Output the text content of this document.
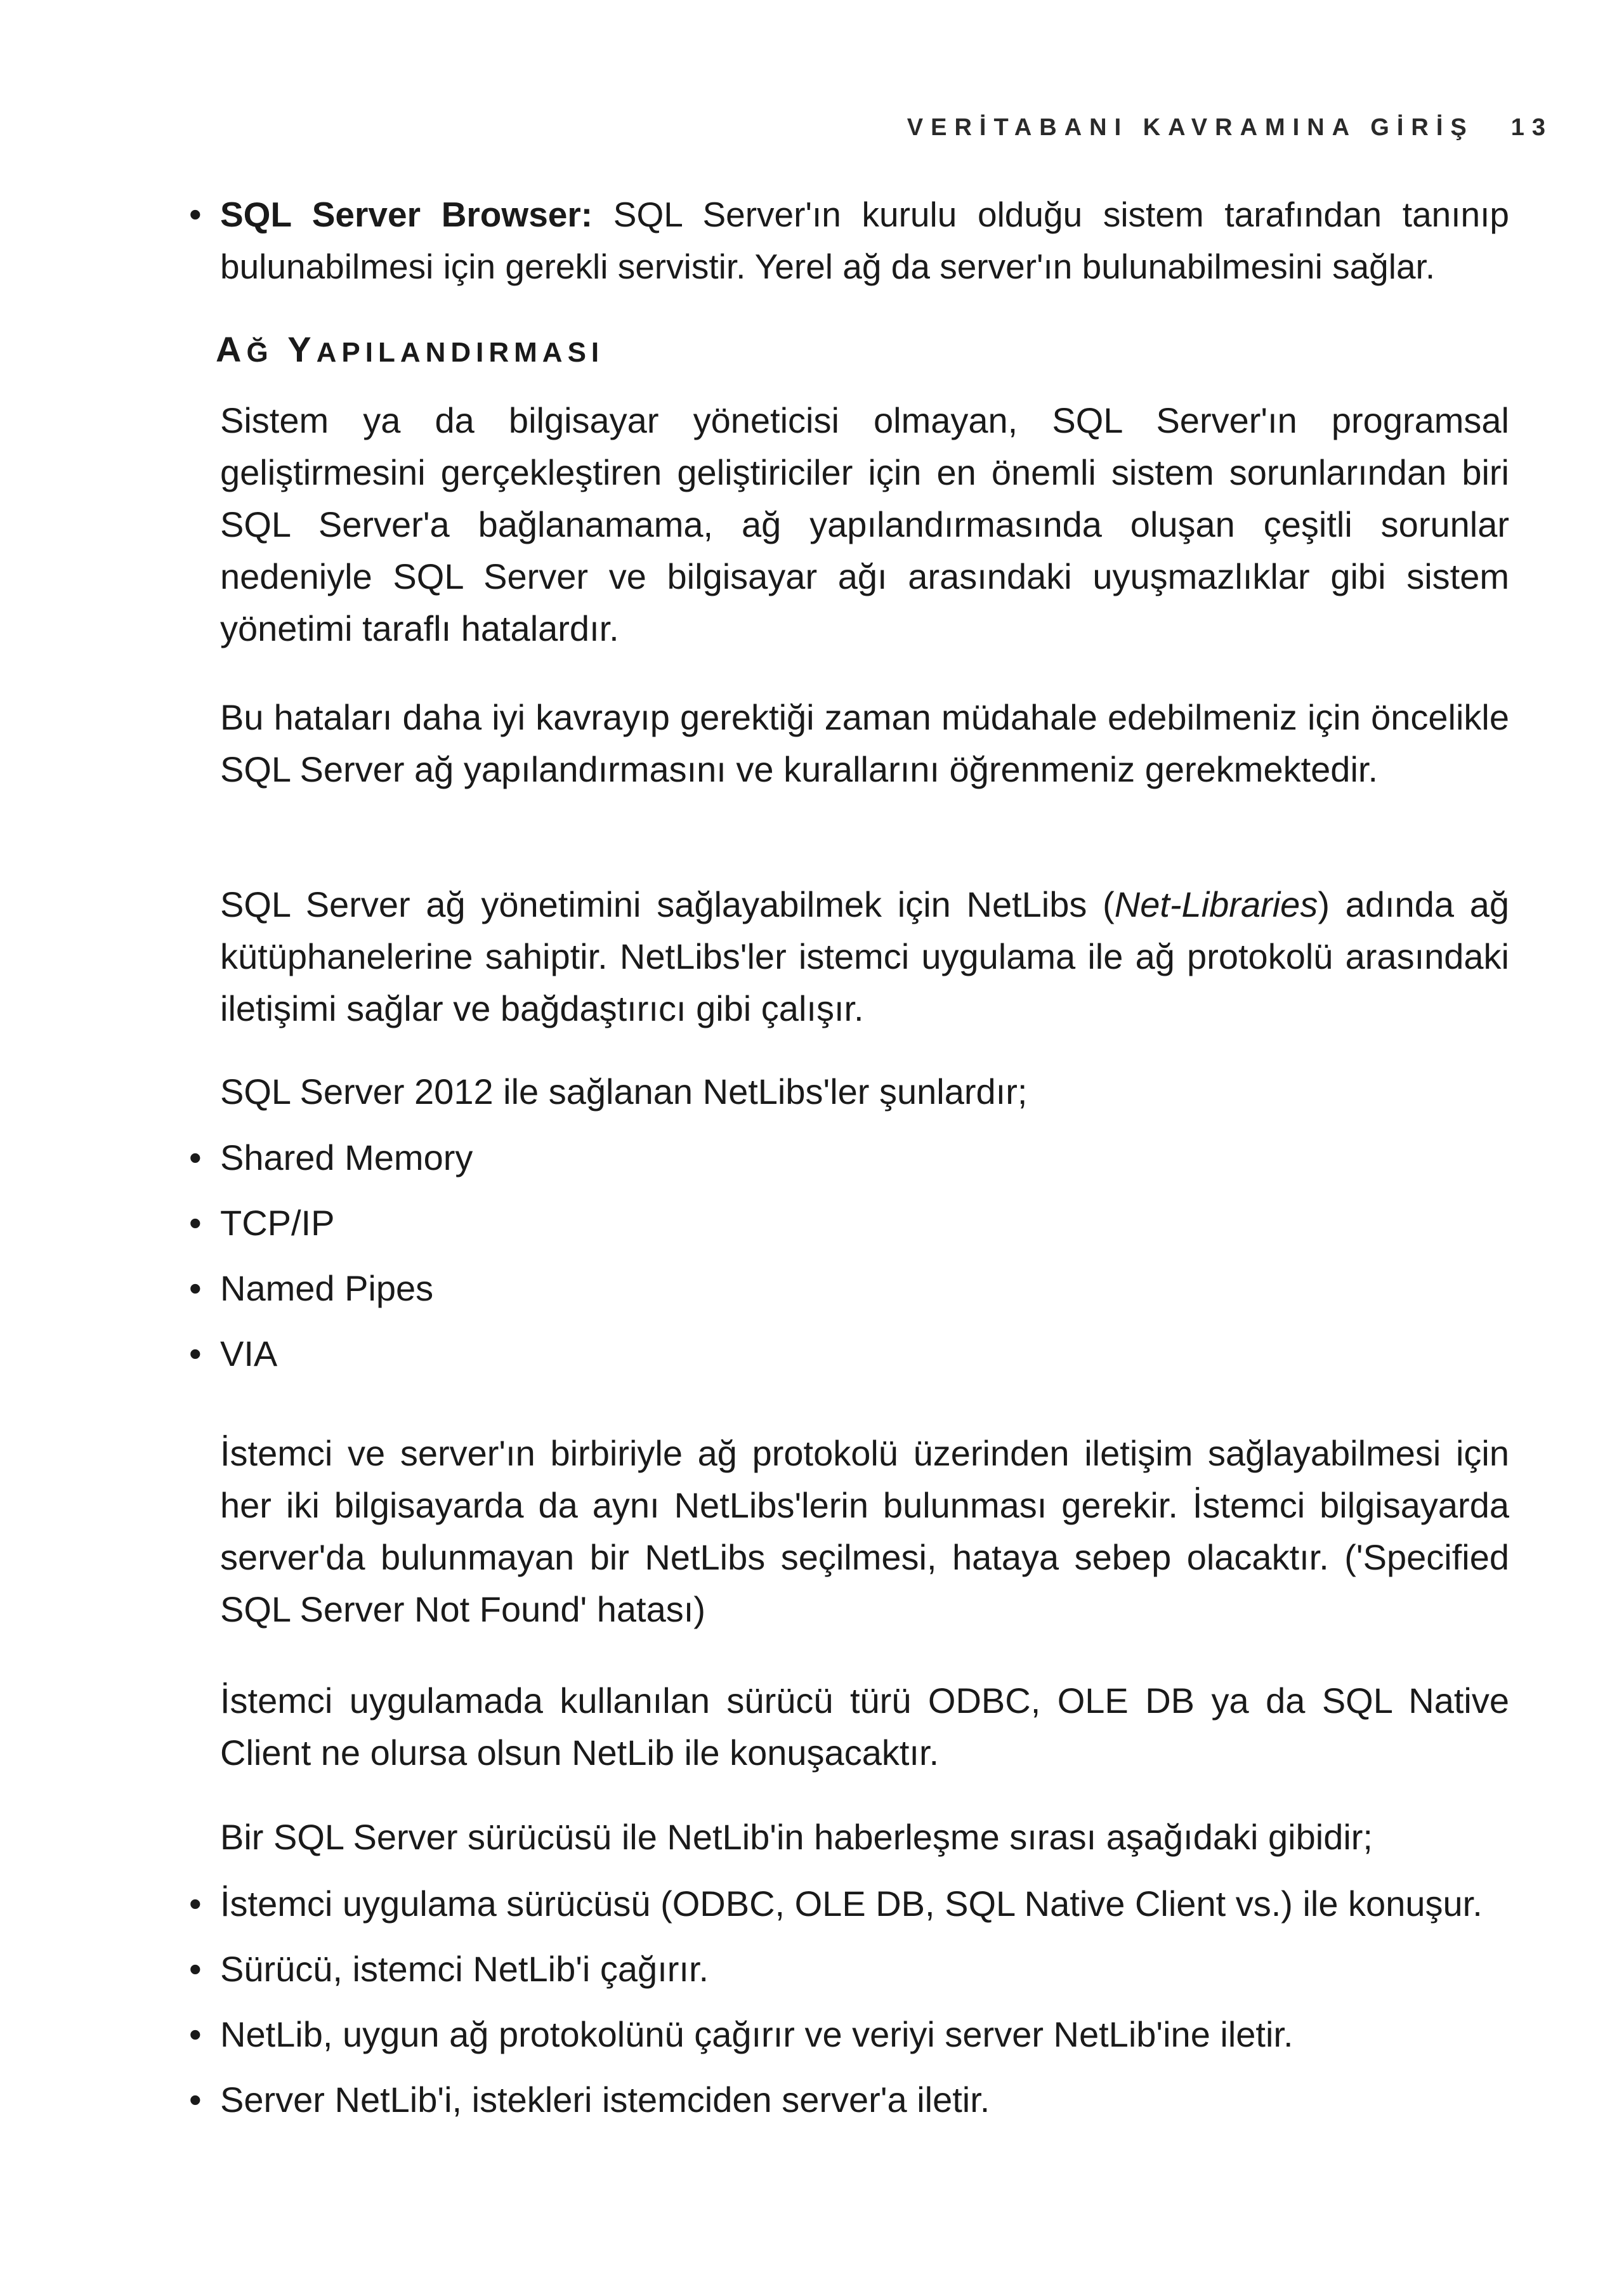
VERİTABANI KAVRAMINA GİRİŞ 13
• SQL Server Browser: SQL Server'ın kurulu olduğu sistem tarafından tanınıp bulunabilmesi için gerekli servistir. Yerel ağ da server'ın bulunabilmesini sağlar.
AĞ YAPILANDIRMASI
Sistem ya da bilgisayar yöneticisi olmayan, SQL Server'ın programsal geliştirmesini gerçekleştiren geliştiriciler için en önemli sistem sorunlarından biri SQL Server'a bağlanamama, ağ yapılandırmasında oluşan çeşitli sorunlar nedeniyle SQL Server ve bilgisayar ağı arasındaki uyuşmazlıklar gibi sistem yönetimi taraflı hatalardır.
Bu hataları daha iyi kavrayıp gerektiği zaman müdahale edebilmeniz için öncelikle SQL Server ağ yapılandırmasını ve kurallarını öğrenmeniz gerekmektedir.
SQL Server ağ yönetimini sağlayabilmek için NetLibs (Net-Libraries) adında ağ kütüphanelerine sahiptir. NetLibs'ler istemci uygulama ile ağ protokolü arasındaki iletişimi sağlar ve bağdaştırıcı gibi çalışır.
SQL Server 2012 ile sağlanan NetLibs'ler şunlardır;
• Shared Memory
• TCP/IP
• Named Pipes
• VIA
İstemci ve server'ın birbiriyle ağ protokolü üzerinden iletişim sağlayabilmesi için her iki bilgisayarda da aynı NetLibs'lerin bulunması gerekir. İstemci bilgisayarda server'da bulunmayan bir NetLibs seçilmesi, hataya sebep olacaktır. ('Specified SQL Server Not Found' hatası)
İstemci uygulamada kullanılan sürücü türü ODBC, OLE DB ya da SQL Native Client ne olursa olsun NetLib ile konuşacaktır.
Bir SQL Server sürücüsü ile NetLib'in haberleşme sırası aşağıdaki gibidir;
• İstemci uygulama sürücüsü (ODBC, OLE DB, SQL Native Client vs.) ile konuşur.
• Sürücü, istemci NetLib'i çağırır.
• NetLib, uygun ağ protokolünü çağırır ve veriyi server NetLib'ine iletir.
• Server NetLib'i, istekleri istemciden server'a iletir.
